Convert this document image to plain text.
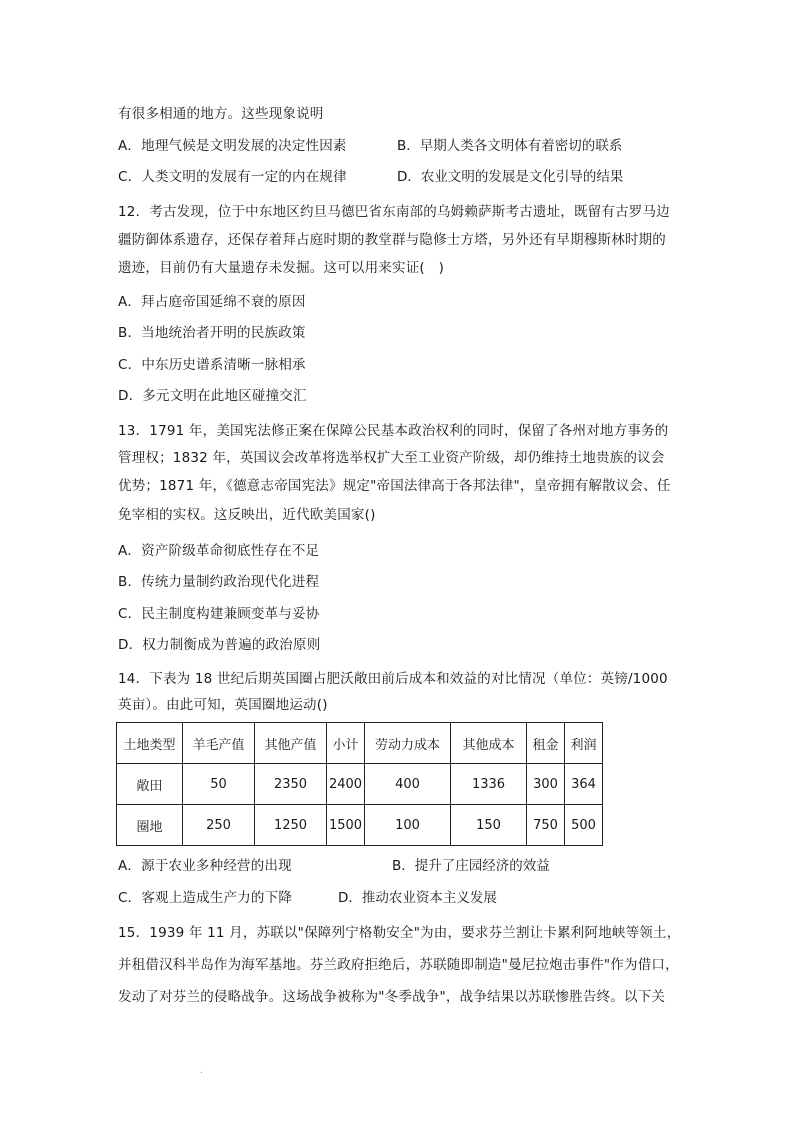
有很多相通的地方。这些现象说明
A．地理气候是文明发展的决定性因素	B．早期人类各文明体有着密切的联系
C．人类文明的发展有一定的内在规律	D．农业文明的发展是文化引导的结果
12．考古发现，位于中东地区约旦马德巴省东南部的乌姆赖萨斯考古遗址，既留有古罗马边
疆防御体系遗存，还保存着拜占庭时期的教堂群与隐修士方塔，另外还有早期穆斯林时期的
遗迹，目前仍有大量遗存未发掘。这可以用来实证(　)
A．拜占庭帝国延绵不衰的原因
B．当地统治者开明的民族政策
C．中东历史谱系清晰一脉相承
D．多元文明在此地区碰撞交汇
13．1791 年，美国宪法修正案在保障公民基本政治权利的同时，保留了各州对地方事务的
管理权；1832 年，英国议会改革将选举权扩大至工业资产阶级，却仍维持土地贵族的议会
优势；1871 年，《德意志帝国宪法》规定"帝国法律高于各邦法律"，皇帝拥有解散议会、任
免宰相的实权。这反映出，近代欧美国家()
A．资产阶级革命彻底性存在不足
B．传统力量制约政治现代化进程
C．民主制度构建兼顾变革与妥协
D．权力制衡成为普遍的政治原则
14．下表为 18 世纪后期英国圈占肥沃敞田前后成本和效益的对比情况（单位：英镑/1000
英亩）。由此可知，英国圈地运动()
土地类型	羊毛产值	其他产值	小计	劳动力成本	其他成本	租金	利润
敞田	50	2350	2400	400	1336	300	364
圈地	250	1250	1500	100	150	750	500
A．源于农业多种经营的出现	B．提升了庄园经济的效益
C．客观上造成生产力的下降	D．推动农业资本主义发展
15．1939 年 11 月，苏联以"保障列宁格勒安全"为由，要求芬兰割让卡累利阿地峡等领土，
并租借汉科半岛作为海军基地。芬兰政府拒绝后，苏联随即制造"曼尼拉炮击事件"作为借口，
发动了对芬兰的侵略战争。这场战争被称为"冬季战争"，战争结果以苏联惨胜告终。以下关
.
